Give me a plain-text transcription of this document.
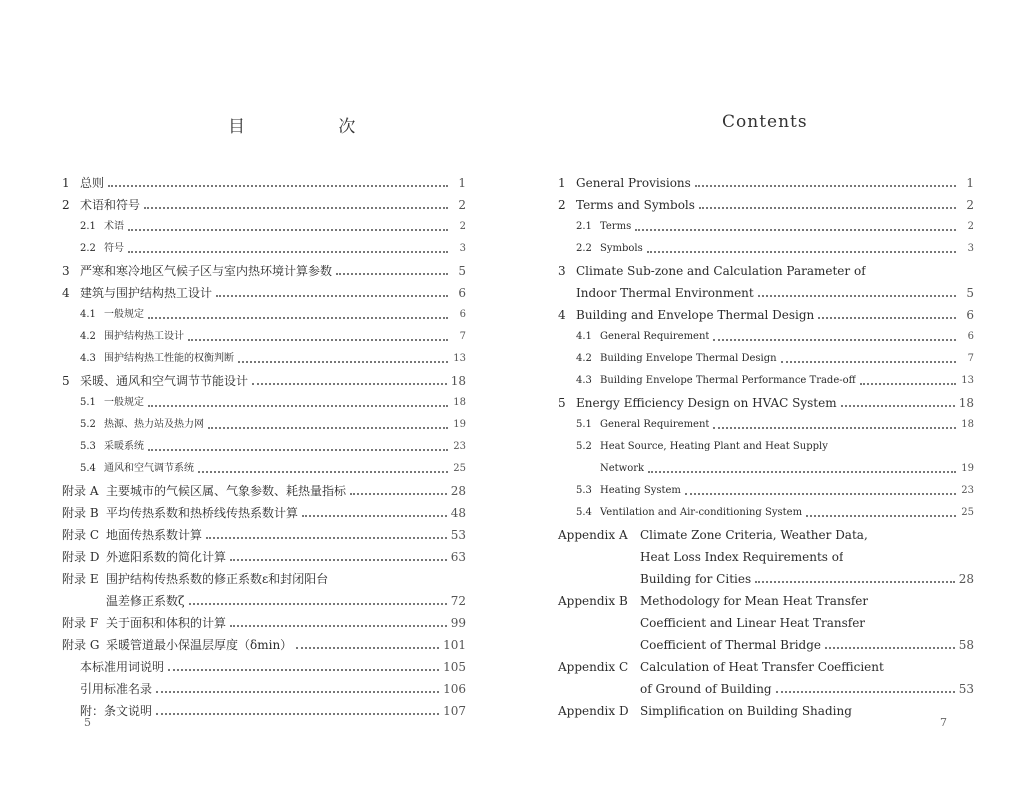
目 次
1 总则	1
2 术语和符号	2
2.1 术语	2
2.2 符号	3
3 严寒和寒冷地区气候子区与室内热环境计算参数	5
4 建筑与围护结构热工设计	6
4.1 一般规定	6
4.2 围护结构热工设计	7
4.3 围护结构热工性能的权衡判断	13
5 采暖、通风和空气调节节能设计	18
5.1 一般规定	18
5.2 热源、热力站及热力网	19
5.3 采暖系统	23
5.4 通风和空气调节系统	25
附录 A 主要城市的气候区属、气象参数、耗热量指标	28
附录 B 平均传热系数和热桥线传热系数计算	48
附录 C 地面传热系数计算	53
附录 D 外遮阳系数的简化计算	63
附录 E 围护结构传热系数的修正系数ε和封闭阳台
温差修正系数ζ	72
附录 F 关于面积和体积的计算	99
附录 G 采暖管道最小保温层厚度（δmin）	101
本标准用词说明	105
引用标准名录	106
附：条文说明	107
5
Contents
1 General Provisions	1
2 Terms and Symbols	2
2.1 Terms	2
2.2 Symbols	3
3 Climate Sub-zone and Calculation Parameter of
Indoor Thermal Environment	5
4 Building and Envelope Thermal Design	6
4.1 General Requirement	6
4.2 Building Envelope Thermal Design	7
4.3 Building Envelope Thermal Performance Trade-off	13
5 Energy Efficiency Design on HVAC System	18
5.1 General Requirement	18
5.2 Heat Source, Heating Plant and Heat Supply
Network	19
5.3 Heating System	23
5.4 Ventilation and Air-conditioning System	25
Appendix A	Climate Zone Criteria, Weather Data,
Heat Loss Index Requirements of
Building for Cities	28
Appendix B	Methodology for Mean Heat Transfer
Coefficient and Linear Heat Transfer
Coefficient of Thermal Bridge	58
Appendix C Calculation of Heat Transfer Coefficient
of Ground of Building	53
Appendix D Simplification on Building Shading
7
